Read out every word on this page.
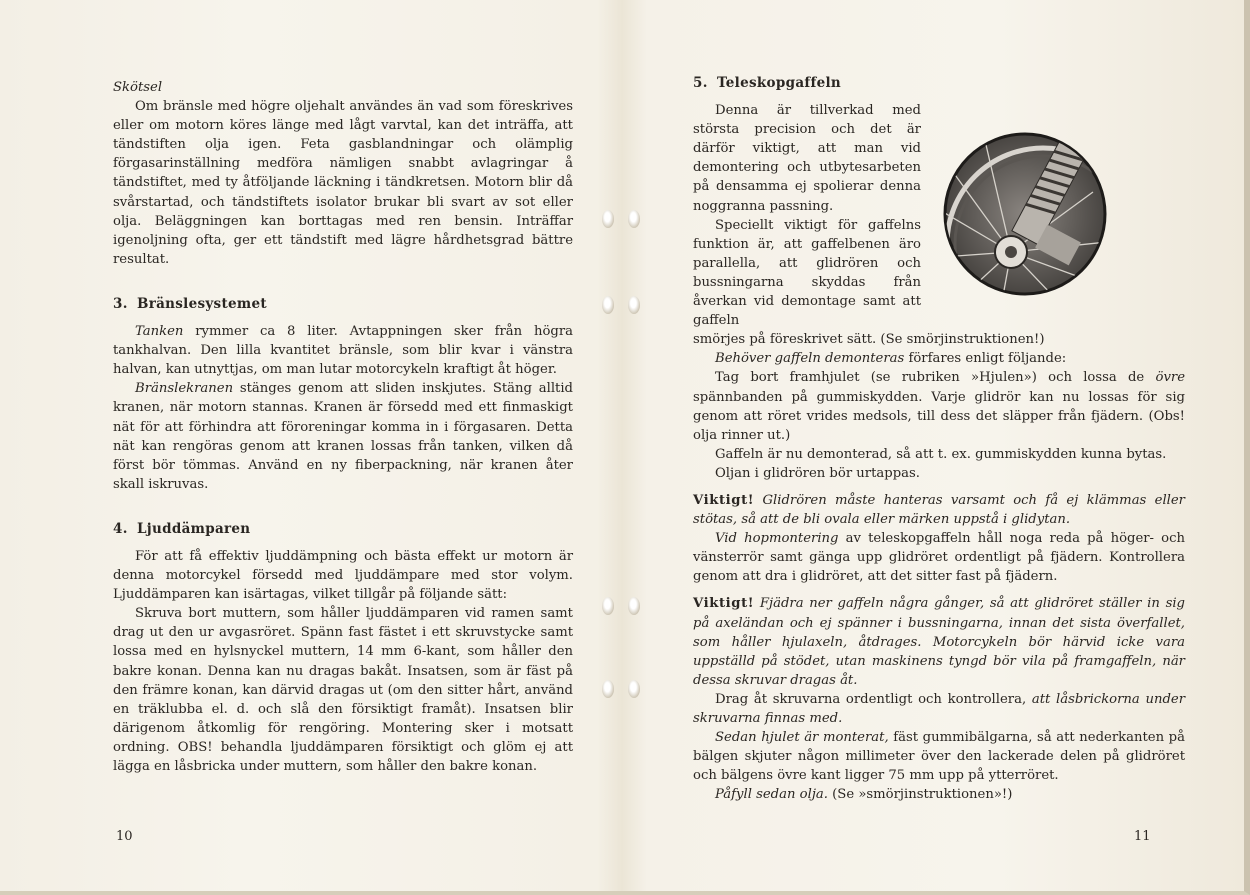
Skötsel

Om bränsle med högre oljehalt användes än vad som föreskrives eller om motorn köres länge med lågt varvtal, kan det inträffa, att tändstiften olja igen. Feta gasblandningar och olämplig förgasarinställning medföra nämligen snabbt avlagringar å tändstiftet, med ty åtföljande läckning i tändkretsen. Motorn blir då svårstartad, och tändstiftets isolator brukar bli svart av sot eller olja. Beläggningen kan borttagas med ren bensin. Inträffar igenoljning ofta, ger ett tändstift med lägre hårdhetsgrad bättre resultat.

3. Bränslesystemet

Tanken rymmer ca 8 liter. Avtappningen sker från högra tankhalvan. Den lilla kvantitet bränsle, som blir kvar i vänstra halvan, kan utnyttjas, om man lutar motorcykeln kraftigt åt höger.

Bränslekranen stänges genom att sliden inskjutes. Stäng alltid kranen, när motorn stannas. Kranen är försedd med ett finmaskigt nät för att förhindra att föroreningar komma in i förgasaren. Detta nät kan rengöras genom att kranen lossas från tanken, vilken då först bör tömmas. Använd en ny fiberpackning, när kranen åter skall iskruvas.

4. Ljuddämparen

För att få effektiv ljuddämpning och bästa effekt ur motorn är denna motorcykel försedd med ljuddämpare med stor volym. Ljuddämparen kan isärtagas, vilket tillgår på följande sätt:

Skruva bort muttern, som håller ljuddämparen vid ramen samt drag ut den ur avgasröret. Spänn fast fästet i ett skruvstycke samt lossa med en hylsnyckel muttern, 14 mm 6-kant, som håller den bakre konan. Denna kan nu dragas bakåt. Insatsen, som är fäst på den främre konan, kan därvid dragas ut (om den sitter hårt, använd en träklubba el. d. och slå den försiktigt framåt). Insatsen blir därigenom åtkomlig för rengöring. Montering sker i motsatt ordning. OBS! behandla ljuddämparen försiktigt och glöm ej att lägga en låsbricka under muttern, som håller den bakre konan.

10
5. Teleskopgaffeln

Denna är tillverkad med största precision och det är därför viktigt, att man vid demontering och utbytesarbeten på densamma ej spolierar denna noggranna passning.

Speciellt viktigt för gaffelns funktion är, att gaffelbenen äro parallella, att glidrören och bussningarna skyddas från åverkan vid demontage samt att gaffeln

smörjes på föreskrivet sätt. (Se smörjinstruktionen!)

Behöver gaffeln demonteras förfares enligt följande:

Tag bort framhjulet (se rubriken »Hjulen») och lossa de övre spännbanden på gummiskydden. Varje glidrör kan nu lossas för sig genom att röret vrides medsols, till dess det släpper från fjädern. (Obs! olja rinner ut.)

Gaffeln är nu demonterad, så att t. ex. gummiskydden kunna bytas.

Oljan i glidrören bör urtappas.

Viktigt! Glidrören måste hanteras varsamt och få ej klämmas eller stötas, så att de bli ovala eller märken uppstå i glidytan.

Vid hopmontering av teleskopgaffeln håll noga reda på höger- och vänsterrör samt gänga upp glidröret ordentligt på fjädern. Kontrollera genom att dra i glidröret, att det sitter fast på fjädern.

Viktigt! Fjädra ner gaffeln några gånger, så att glidröret ställer in sig på axeländan och ej spänner i bussningarna, innan det sista överfallet, som håller hjulaxeln, åtdrages. Motorcykeln bör härvid icke vara uppställd på stödet, utan maskinens tyngd bör vila på framgaffeln, när dessa skruvar dragas åt.

Drag åt skruvarna ordentligt och kontrollera, att låsbrickorna under skruvarna finnas med.

Sedan hjulet är monterat, fäst gummibälgarna, så att nederkanten på bälgen skjuter någon millimeter över den lackerade delen på glidröret och bälgens övre kant ligger 75 mm upp på ytterröret.

Påfyll sedan olja. (Se »smörjinstruktionen»!)

11
